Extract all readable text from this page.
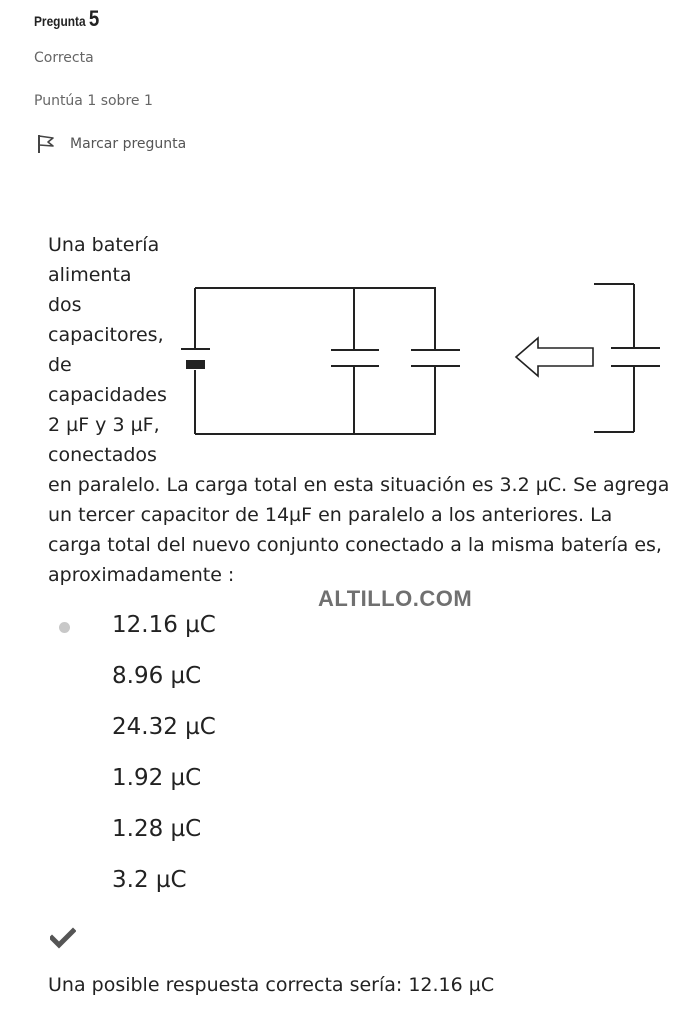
Pregunta 5
Correcta
Puntúa 1 sobre 1
Marcar pregunta
Una batería
alimenta
dos
capacitores,
de
capacidades
2 µF y 3 µF,
conectados
en paralelo. La carga total en esta situación es 3.2 µC. Se agrega
un tercer capacitor de 14µF en paralelo a los anteriores. La
carga total del nuevo conjunto conectado a la misma batería es,
aproximadamente :
ALTILLO.COM
12.16 µC
8.96 µC
24.32 µC
1.92 µC
1.28 µC
3.2 µC
Una posible respuesta correcta sería: 12.16 µC
